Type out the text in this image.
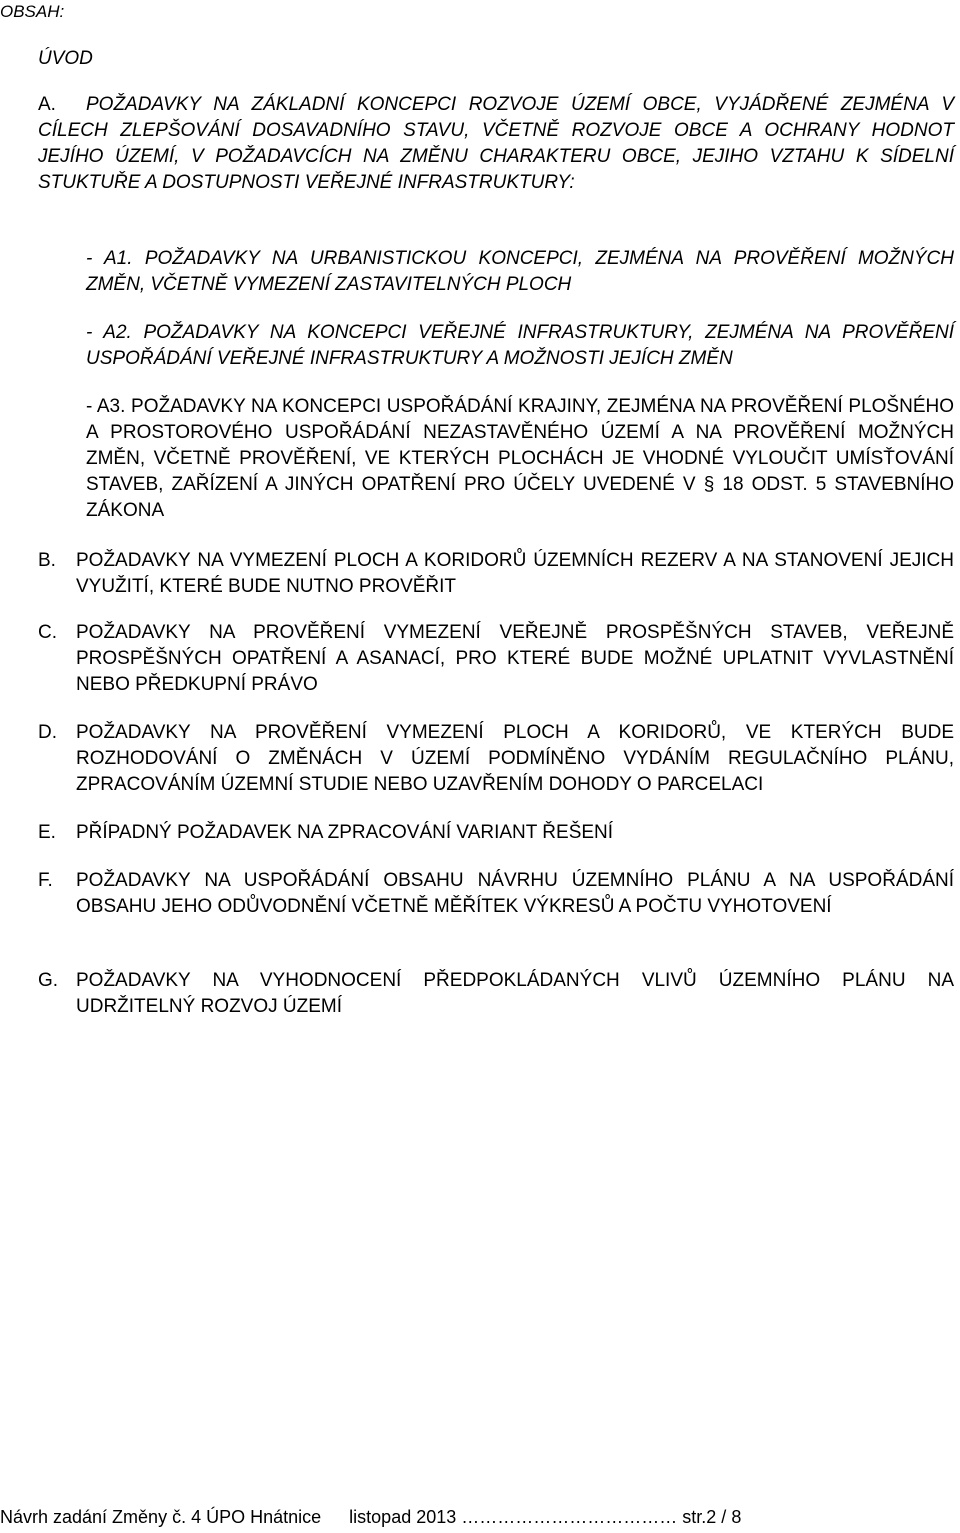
OBSAH:
ÚVOD
A.	POŽADAVKY NA ZÁKLADNÍ KONCEPCI ROZVOJE ÚZEMÍ OBCE, VYJÁDŘENÉ ZEJMÉNA V CÍLECH ZLEPŠOVÁNÍ DOSAVADNÍHO STAVU, VČETNĚ ROZVOJE OBCE A OCHRANY HODNOT JEJÍHO ÚZEMÍ, V POŽADAVCÍCH NA ZMĚNU CHARAKTERU OBCE, JEJIHO VZTAHU K SÍDELNÍ STUKTUŘE A DOSTUPNOSTI VEŘEJNÉ INFRASTRUKTURY:
- A1. POŽADAVKY NA URBANISTICKOU KONCEPCI, ZEJMÉNA NA PROVĚŘENÍ MOŽNÝCH ZMĚN, VČETNĚ VYMEZENÍ ZASTAVITELNÝCH PLOCH
- A2. POŽADAVKY NA KONCEPCI VEŘEJNÉ INFRASTRUKTURY, ZEJMÉNA NA PROVĚŘENÍ USPOŘÁDÁNÍ VEŘEJNÉ INFRASTRUKTURY A MOŽNOSTI JEJÍCH ZMĚN
- A3. POŽADAVKY NA KONCEPCI USPOŘÁDÁNÍ KRAJINY, ZEJMÉNA NA PROVĚŘENÍ PLOŠNÉHO A PROSTOROVÉHO USPOŘÁDÁNÍ NEZASTAVĚNÉHO ÚZEMÍ A NA PROVĚŘENÍ MOŽNÝCH ZMĚN, VČETNĚ PROVĚŘENÍ, VE KTERÝCH PLOCHÁCH JE VHODNÉ VYLOUČIT UMÍSŤOVÁNÍ STAVEB, ZAŘÍZENÍ A JINÝCH OPATŘENÍ PRO ÚČELY UVEDENÉ V § 18 ODST. 5 STAVEBNÍHO ZÁKONA
B. POŽADAVKY NA VYMEZENÍ PLOCH A KORIDORŮ ÚZEMNÍCH REZERV A NA STANOVENÍ JEJICH VYUŽITÍ, KTERÉ BUDE NUTNO PROVĚŘIT
C. POŽADAVKY NA PROVĚŘENÍ VYMEZENÍ VEŘEJNĚ PROSPĚŠNÝCH STAVEB, VEŘEJNĚ PROSPĚŠNÝCH OPATŘENÍ A ASANACÍ, PRO KTERÉ BUDE MOŽNÉ UPLATNIT VYVLASTNĚNÍ NEBO PŘEDKUPNÍ PRÁVO
D. POŽADAVKY NA PROVĚŘENÍ VYMEZENÍ PLOCH A KORIDORŮ, VE KTERÝCH BUDE ROZHODOVÁNÍ O ZMĚNÁCH V ÚZEMÍ PODMÍNĚNO VYDÁNÍM REGULAČNÍHO PLÁNU, ZPRACOVÁNÍM ÚZEMNÍ STUDIE NEBO UZAVŘENÍM DOHODY O PARCELACI
E. PŘÍPADNÝ POŽADAVEK NA ZPRACOVÁNÍ VARIANT ŘEŠENÍ
F. POŽADAVKY NA USPOŘÁDÁNÍ OBSAHU NÁVRHU ÚZEMNÍHO PLÁNU A NA USPOŘÁDÁNÍ OBSAHU JEHO ODŮVODNĚNÍ VČETNĚ MĚŘÍTEK VÝKRESŮ A POČTU VYHOTOVENÍ
G. POŽADAVKY NA VYHODNOCENÍ PŘEDPOKLÁDANÝCH VLIVŮ ÚZEMNÍHO PLÁNU NA UDRŽITELNÝ ROZVOJ ÚZEMÍ
Návrh zadání Změny č. 4 ÚPO Hnátnice listopad 2013 ……………………………… str.2 / 8
